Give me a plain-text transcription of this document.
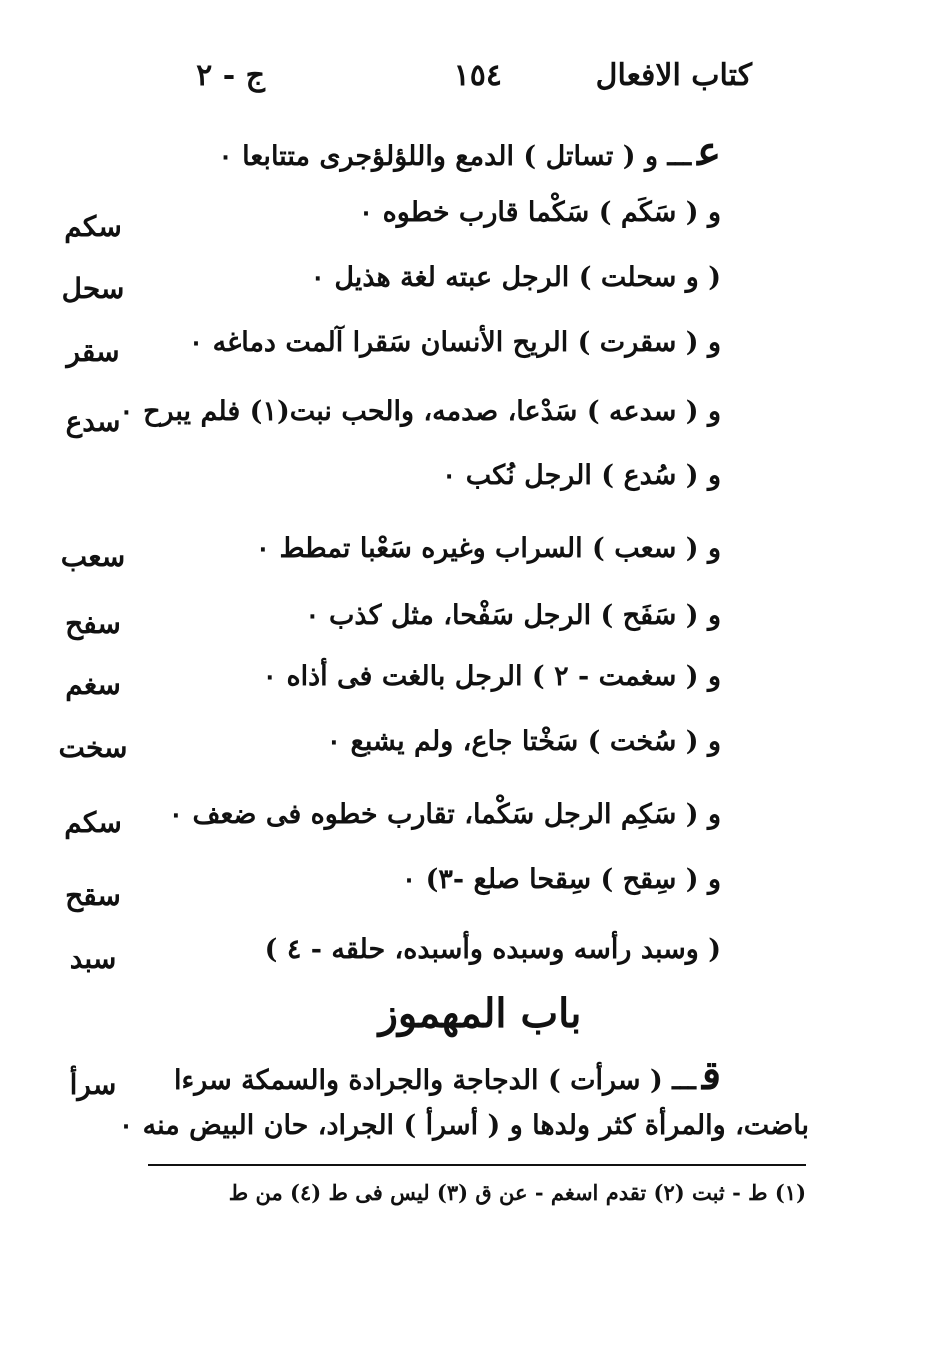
كتاب الافعال
١٥٤
ج - ٢
عـــ و ( تساتل ) الدمع واللؤلؤجرى متتابعا ٠
و ( سَكَم ) سَكْما قارب خطوه ٠
( و سحلت ) الرجل عبته لغة هذيل ٠
و ( سقرت ) الريح الأنسان سَقرا آلمت دماغه ٠
و ( سدعه ) سَدْعا، صدمه، والحب نبت(١) فلم يبرح ٠
و ( سُدع ) الرجل نُكب ٠
و ( سعب ) السراب وغيره سَعْبا تمطط ٠
و ( سَفَح ) الرجل سَفْحا، مثل كذب ٠
و ( سغمت - ٢ ) الرجل بالغت فى أذاه ٠
و ( سُخت ) سَخْتا جاع، ولم يشبع ٠
و ( سَكِم الرجل سَكْما، تقارب خطوه فى ضعف ٠
و ( سِقح ) سِقحا صلع -٣) ٠
( وسبد رأسه وسبده وأسبده، حلقه - ٤ )
سكم
سحل
سقر
سدع
سعب
سفح
سغم
سخت
سكم
سقح
سبد
سرأ
باب المهموز
قـــ ( سرأت ) الدجاجة والجرادة والسمكة سرءا
باضت، والمرأة كثر ولدها و ( أسرأ ) الجراد، حان البيض منه ٠
(١) ط - ثبت (٢) تقدم اسغم - عن ق (٣) ليس فى ط (٤) من ط
